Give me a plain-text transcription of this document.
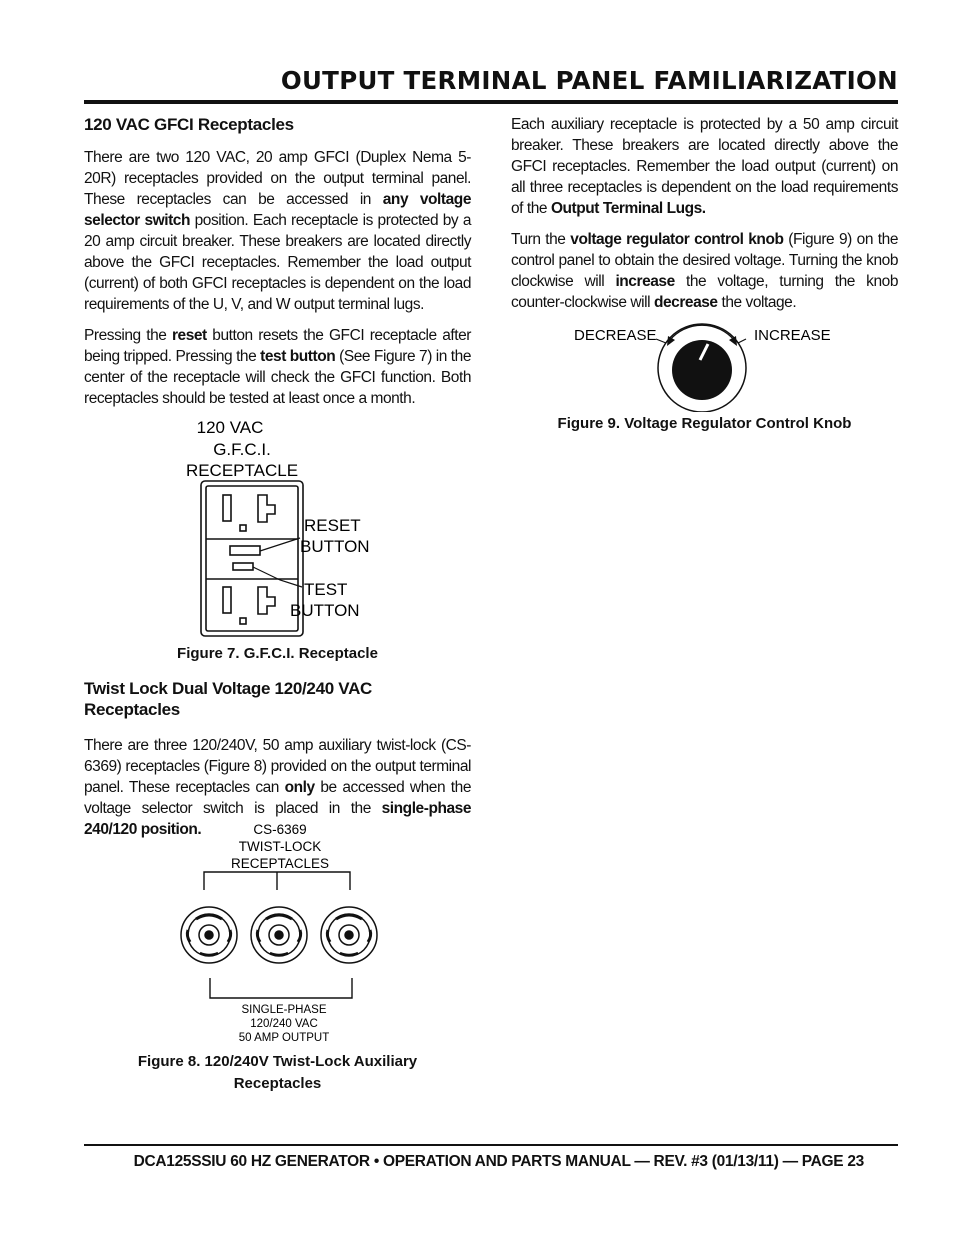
OUTPUT TERMINAL PANEL FAMILIARIZATION
120 VAC GFCI Receptacles

There are two 120 VAC, 20 amp GFCI (Duplex Nema 5-20R) receptacles provided on the output terminal panel. These receptacles can be accessed in any voltage selector switch position. Each receptacle is protected by a 20 amp circuit breaker. These breakers are located directly above the GFCI receptacles. Remember the load output (current) of both GFCI receptacles is dependent on the load requirements of the U, V, and W output terminal lugs.

Pressing the reset button resets the GFCI receptacle after being tripped. Pressing the test button (See Figure 7) in the center of the receptacle will check the GFCI function. Both receptacles should be tested at least once a month.

120 VAC
G.F.C.I.
RECEPTACLE
RESET
BUTTON
TEST
BUTTON
Figure 7. G.F.C.I. Receptacle
Twist Lock Dual Voltage 120/240 VAC Receptacles

There are three 120/240V, 50 amp auxiliary twist-lock (CS-6369) receptacles (Figure 8) provided on the output terminal panel. These receptacles can only be accessed when the voltage selector switch is placed in the single-phase 240/120 position.	CS-6369
TWIST-LOCK
RECEPTACLES
SINGLE-PHASE
120/240 VAC
50 AMP OUTPUT
Figure 8. 120/240V Twist-Lock Auxiliary
Receptacles

Each auxiliary receptacle is protected by a 50 amp circuit breaker. These breakers are located directly above the GFCI receptacles. Remember the load output (current) on all three receptacles is dependent on the load requirements of the Output Terminal Lugs.

Turn the voltage regulator control knob (Figure 9) on the control panel to obtain the desired voltage. Turning the knob clockwise will increase the voltage, turning the knob counter-clockwise will decrease the voltage.

DECREASE	INCREASE
Figure 9. Voltage Regulator Control Knob
DCA125SSIU 60 HZ GENERATOR • OPERATION AND PARTS MANUAL — REV. #3 (01/13/11) — PAGE 23
